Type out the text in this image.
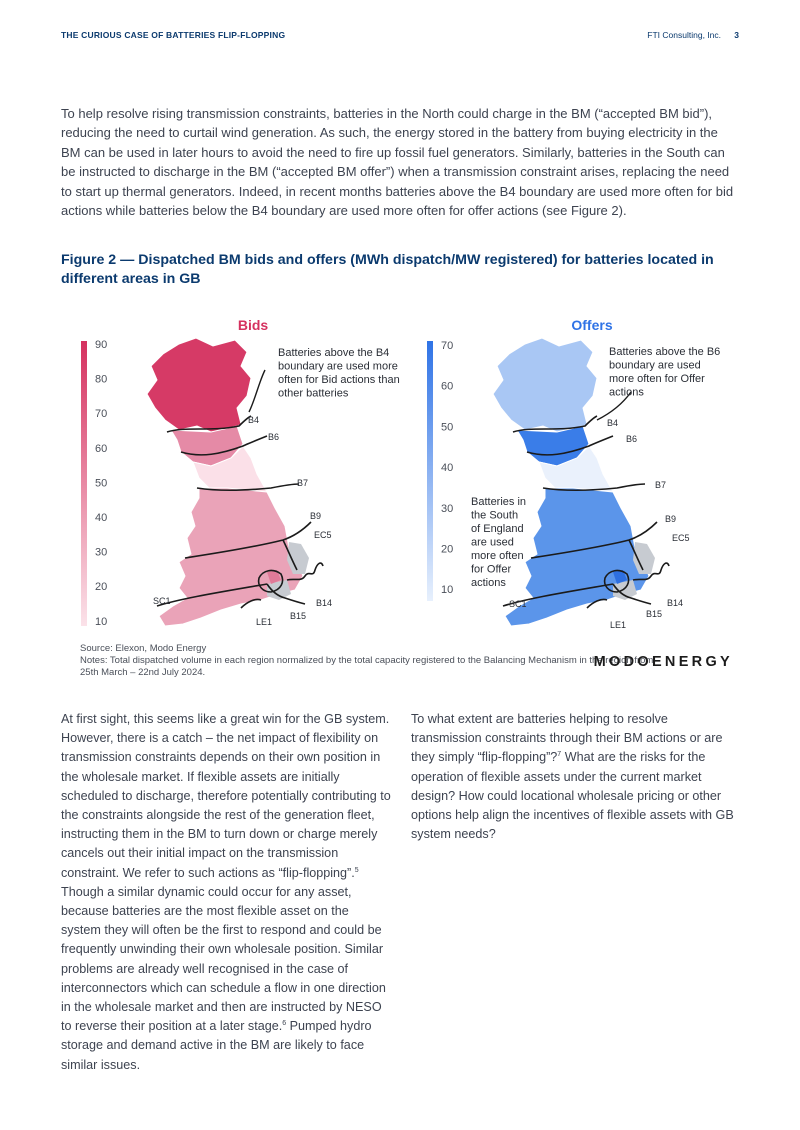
THE CURIOUS CASE OF BATTERIES FLIP-FLOPPING	FTI Consulting, Inc. 3

To help resolve rising transmission constraints, batteries in the North could charge in the BM (“accepted BM bid”), reducing the need to curtail wind generation. As such, the energy stored in the battery from buying electricity in the BM can be used in later hours to avoid the need to fire up fossil fuel generators. Similarly, batteries in the South can be instructed to discharge in the BM (“accepted BM offer”) when a transmission constraint arises, replacing the need to start up thermal generators. Indeed, in recent months batteries above the B4 boundary are used more often for bid actions while batteries below the B4 boundary are used more often for offer actions (see Figure 2).

Figure 2 — Dispatched BM bids and offers (MWh dispatch/MW registered) for batteries located in different areas in GB

Bids
90
80
70
60
50
40
30
20
10
Batteries above the B4 boundary are used more often for Bid actions than other batteries
B4
B6
B7
B9
EC5
SC1	B14
B15
LE1
Offers
70
60
50
40
30
20
10
Batteries above the B6 boundary are used more often for Offer actions
Batteries in the South of England are used more often for Offer actions
B4
B6
B7
B9
EC5
SC1	B14
B15
LE1
Source: Elexon, Modo Energy
Notes: Total dispatched volume in each region normalized by the total capacity registered to the Balancing Mechanism in the region from 25th March – 22nd July 2024.
MODOENERGY

At first sight, this seems like a great win for the GB system. However, there is a catch – the net impact of flexibility on transmission constraints depends on their own position in the wholesale market. If flexible assets are initially scheduled to discharge, therefore potentially contributing to the constraints alongside the rest of the generation fleet, instructing them in the BM to turn down or charge merely cancels out their initial impact on the transmission constraint. We refer to such actions as “flip-flopping”.$^5$ Though a similar dynamic could occur for any asset, because batteries are the most flexible asset on the system they will often be the first to respond and could be frequently unwinding their own wholesale position. Similar problems are already well recognised in the case of interconnectors which can schedule a flow in one direction in the wholesale market and then are instructed by NESO to reverse their position at a later stage.$^6$ Pumped hydro storage and demand active in the BM are likely to face similar issues.

To what extent are batteries helping to resolve transmission constraints through their BM actions or are they simply “flip-flopping”?$^7$ What are the risks for the operation of flexible assets under the current market design? How could locational wholesale pricing or other options help align the incentives of flexible assets with GB system needs?
